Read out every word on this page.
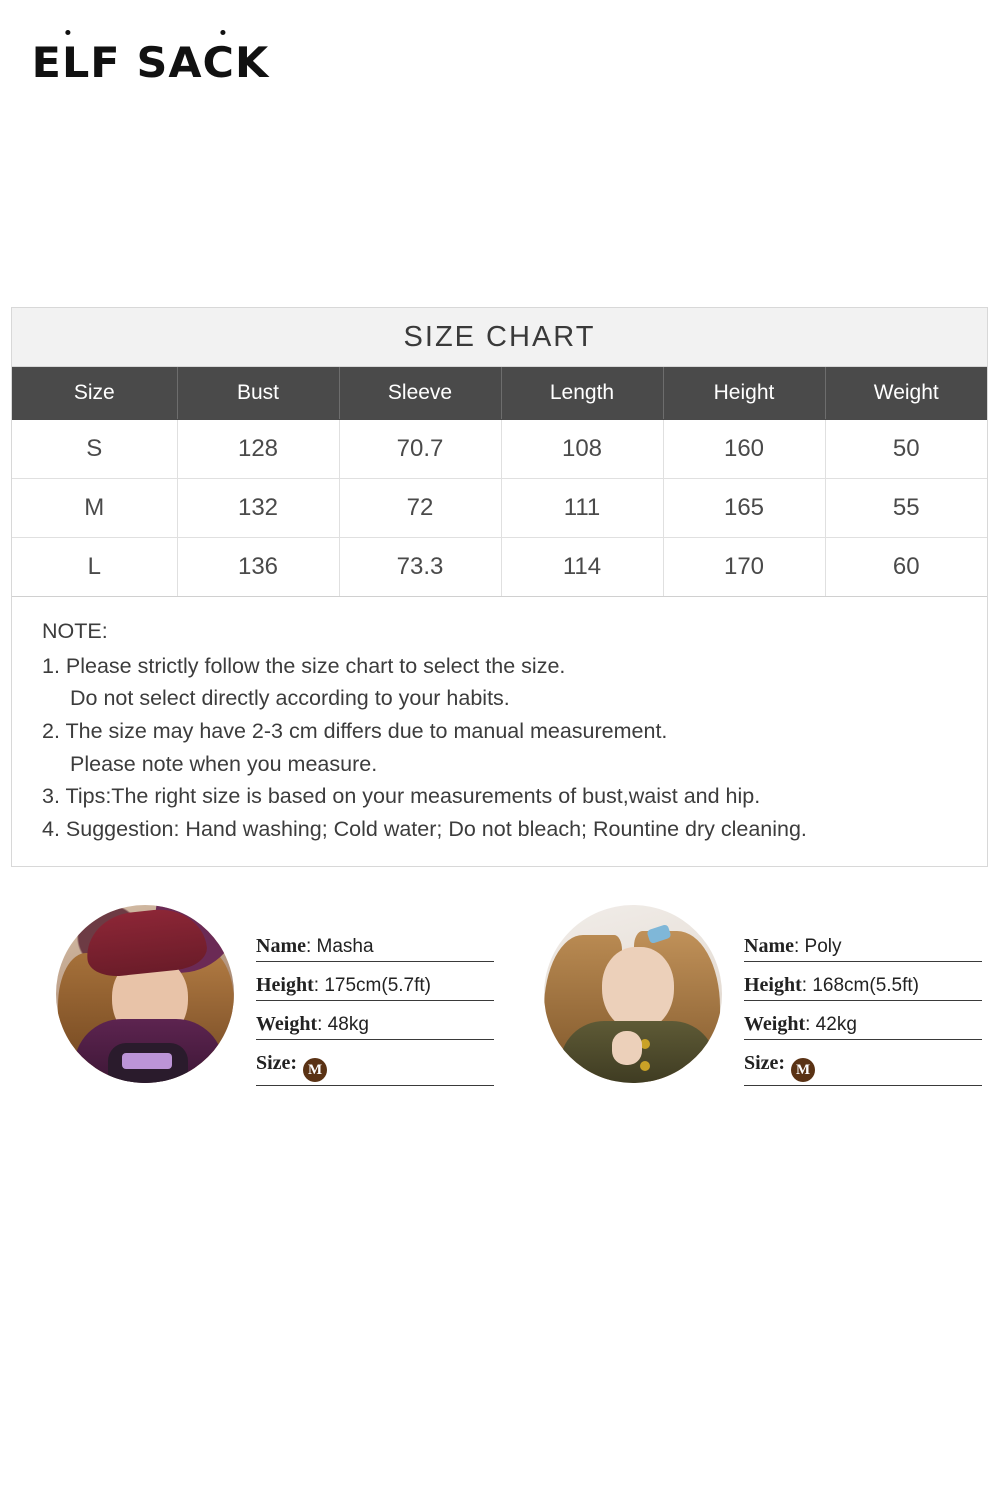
ELF SACK
SIZE CHART
Size	Bust	Sleeve	Length	Height	Weight
S	128	70.7	108	160	50
M	132	72	111	165	55
L	136	73.3	114	170	60
NOTE:
1. Please strictly follow the size chart to select the size.
Do not select directly according to your habits.
2. The size may have 2-3 cm differs due to manual measurement.
Please note when you measure.
3. Tips:The right size is based on your measurements of bust,waist and hip.
4. Suggestion: Hand washing; Cold water; Do not bleach; Rountine dry cleaning.
Name: Masha
Height: 175cm(5.7ft)
Weight: 48kg
Size: M
Name: Poly
Height: 168cm(5.5ft)
Weight: 42kg
Size: M
